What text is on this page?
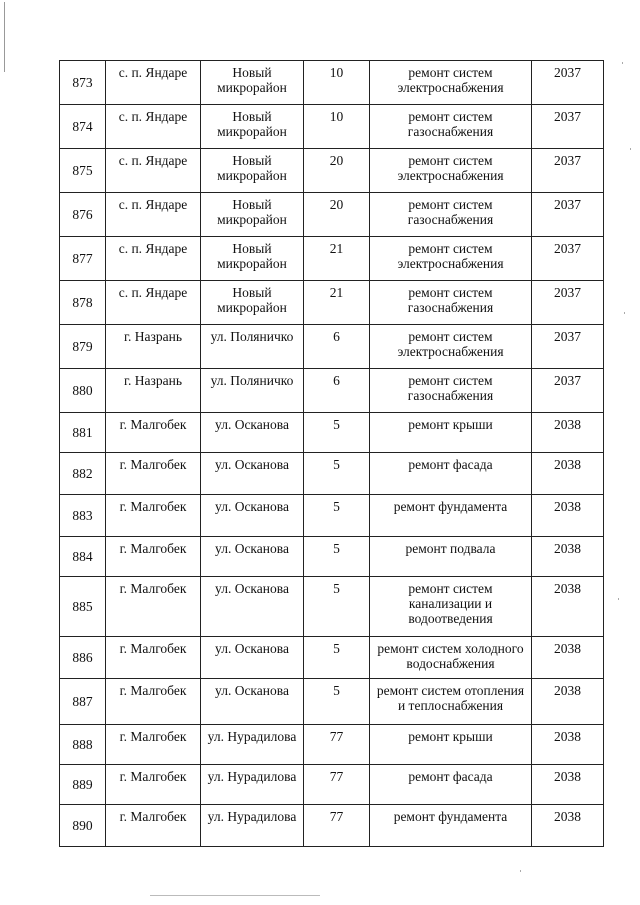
873	с. п. Яндаре	Новый микрорайон	10	ремонт систем электроснабжения	2037

874	с. п. Яндаре	Новый микрорайон	10	ремонт систем газоснабжения	2037

875	с. п. Яндаре	Новый микрорайон	20	ремонт систем электроснабжения	2037

876	с. п. Яндаре	Новый микрорайон	20	ремонт систем газоснабжения	2037

877	с. п. Яндаре	Новый микрорайон	21	ремонт систем электроснабжения	2037

878	с. п. Яндаре	Новый микрорайон	21	ремонт систем газоснабжения	2037

879	г. Назрань	ул. Поляничко	6	ремонт систем электроснабжения	2037

880	г. Назрань	ул. Поляничко	6	ремонт систем газоснабжения	2037

881	г. Малгобек	ул. Осканова	5	ремонт крыши	2038

882	г. Малгобек	ул. Осканова	5	ремонт фасада	2038

883	г. Малгобек	ул. Осканова	5	ремонт фундамента	2038

884	г. Малгобек	ул. Осканова	5	ремонт подвала	2038

885	г. Малгобек	ул. Осканова	5	ремонт систем канализации и водоотведения	2038

886	г. Малгобек	ул. Осканова	5	ремонт систем холодного водоснабжения	2038

887	г. Малгобек	ул. Осканова	5	ремонт систем отопления и теплоснабжения	2038

888	г. Малгобек	ул. Нурадилова	77	ремонт крыши	2038

889	г. Малгобек	ул. Нурадилова	77	ремонт фасада	2038

890	г. Малгобек	ул. Нурадилова	77	ремонт фундамента	2038
